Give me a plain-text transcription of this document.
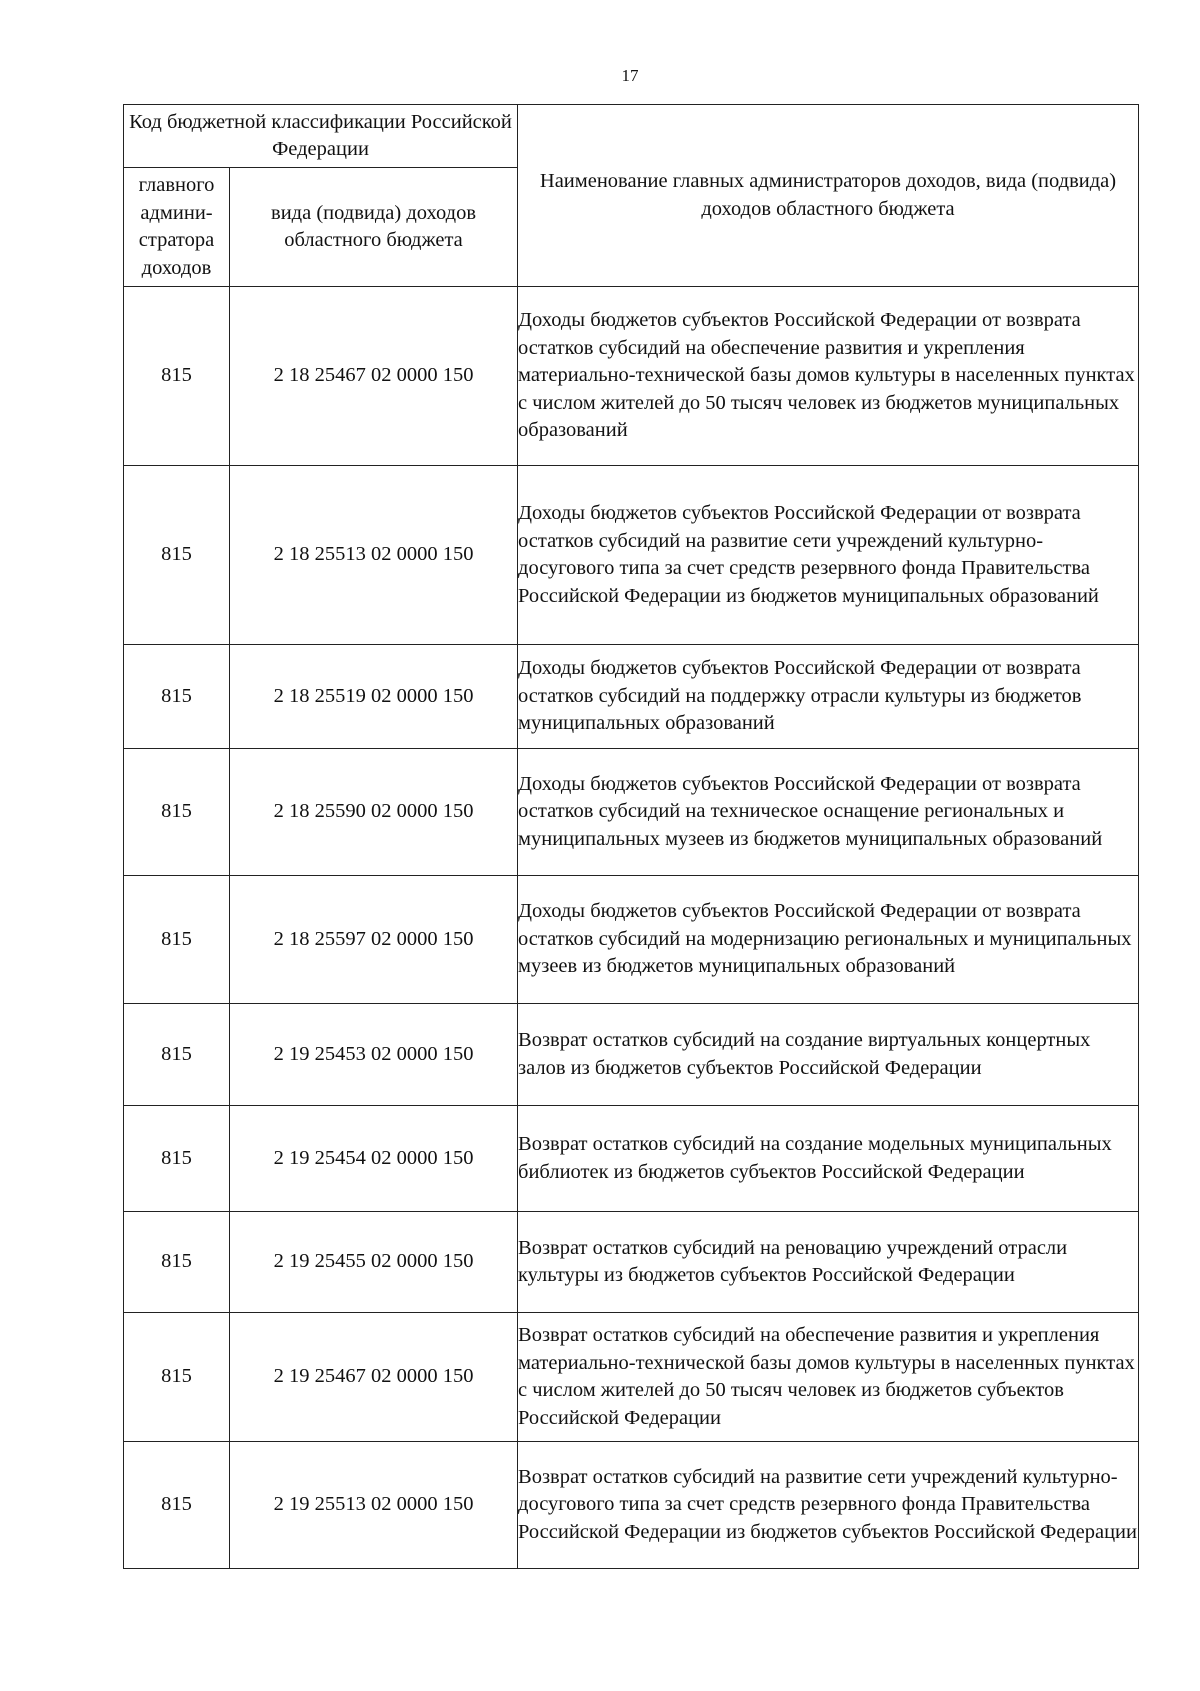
17
Код бюджетной классификации Российской Федерации		Наименование главных администраторов доходов, вида (подвида) доходов областного бюджета
главного админи-стратора доходов	вида (подвида) доходов областного бюджета	
815	2 18 25467 02 0000 150	Доходы бюджетов субъектов Российской Федерации от возврата остатков субсидий на обеспечение развития и укрепления материально-технической базы домов культуры в населенных пунктах с числом жителей до 50 тысяч человек из бюджетов муниципальных образований
815	2 18 25513 02 0000 150	Доходы бюджетов субъектов Российской Федерации от возврата остатков субсидий на развитие сети учреждений культурно-досугового типа за счет средств резервного фонда Правительства Российской Федерации из бюджетов муниципальных образований
815	2 18 25519 02 0000 150	Доходы бюджетов субъектов Российской Федерации от возврата остатков субсидий на поддержку отрасли культуры из бюджетов муниципальных образований
815	2 18 25590 02 0000 150	Доходы бюджетов субъектов Российской Федерации от возврата остатков субсидий на техническое оснащение региональных и муниципальных музеев из бюджетов муниципальных образований
815	2 18 25597 02 0000 150	Доходы бюджетов субъектов Российской Федерации от возврата остатков субсидий на модернизацию региональных и муниципальных музеев из бюджетов муниципальных образований
815	2 19 25453 02 0000 150	Возврат остатков субсидий на создание виртуальных концертных залов из бюджетов субъектов Российской Федерации
815	2 19 25454 02 0000 150	Возврат остатков субсидий на создание модельных муниципальных библиотек из бюджетов субъектов Российской Федерации
815	2 19 25455 02 0000 150	Возврат остатков субсидий на реновацию учреждений отрасли культуры из бюджетов субъектов Российской Федерации
815	2 19 25467 02 0000 150	Возврат остатков субсидий на обеспечение развития и укрепления материально-технической базы домов культуры в населенных пунктах с числом жителей до 50 тысяч человек из бюджетов субъектов Российской Федерации
815	2 19 25513 02 0000 150	Возврат остатков субсидий на развитие сети учреждений культурно-досугового типа за счет средств резервного фонда Правительства Российской Федерации из бюджетов субъектов Российской Федерации
